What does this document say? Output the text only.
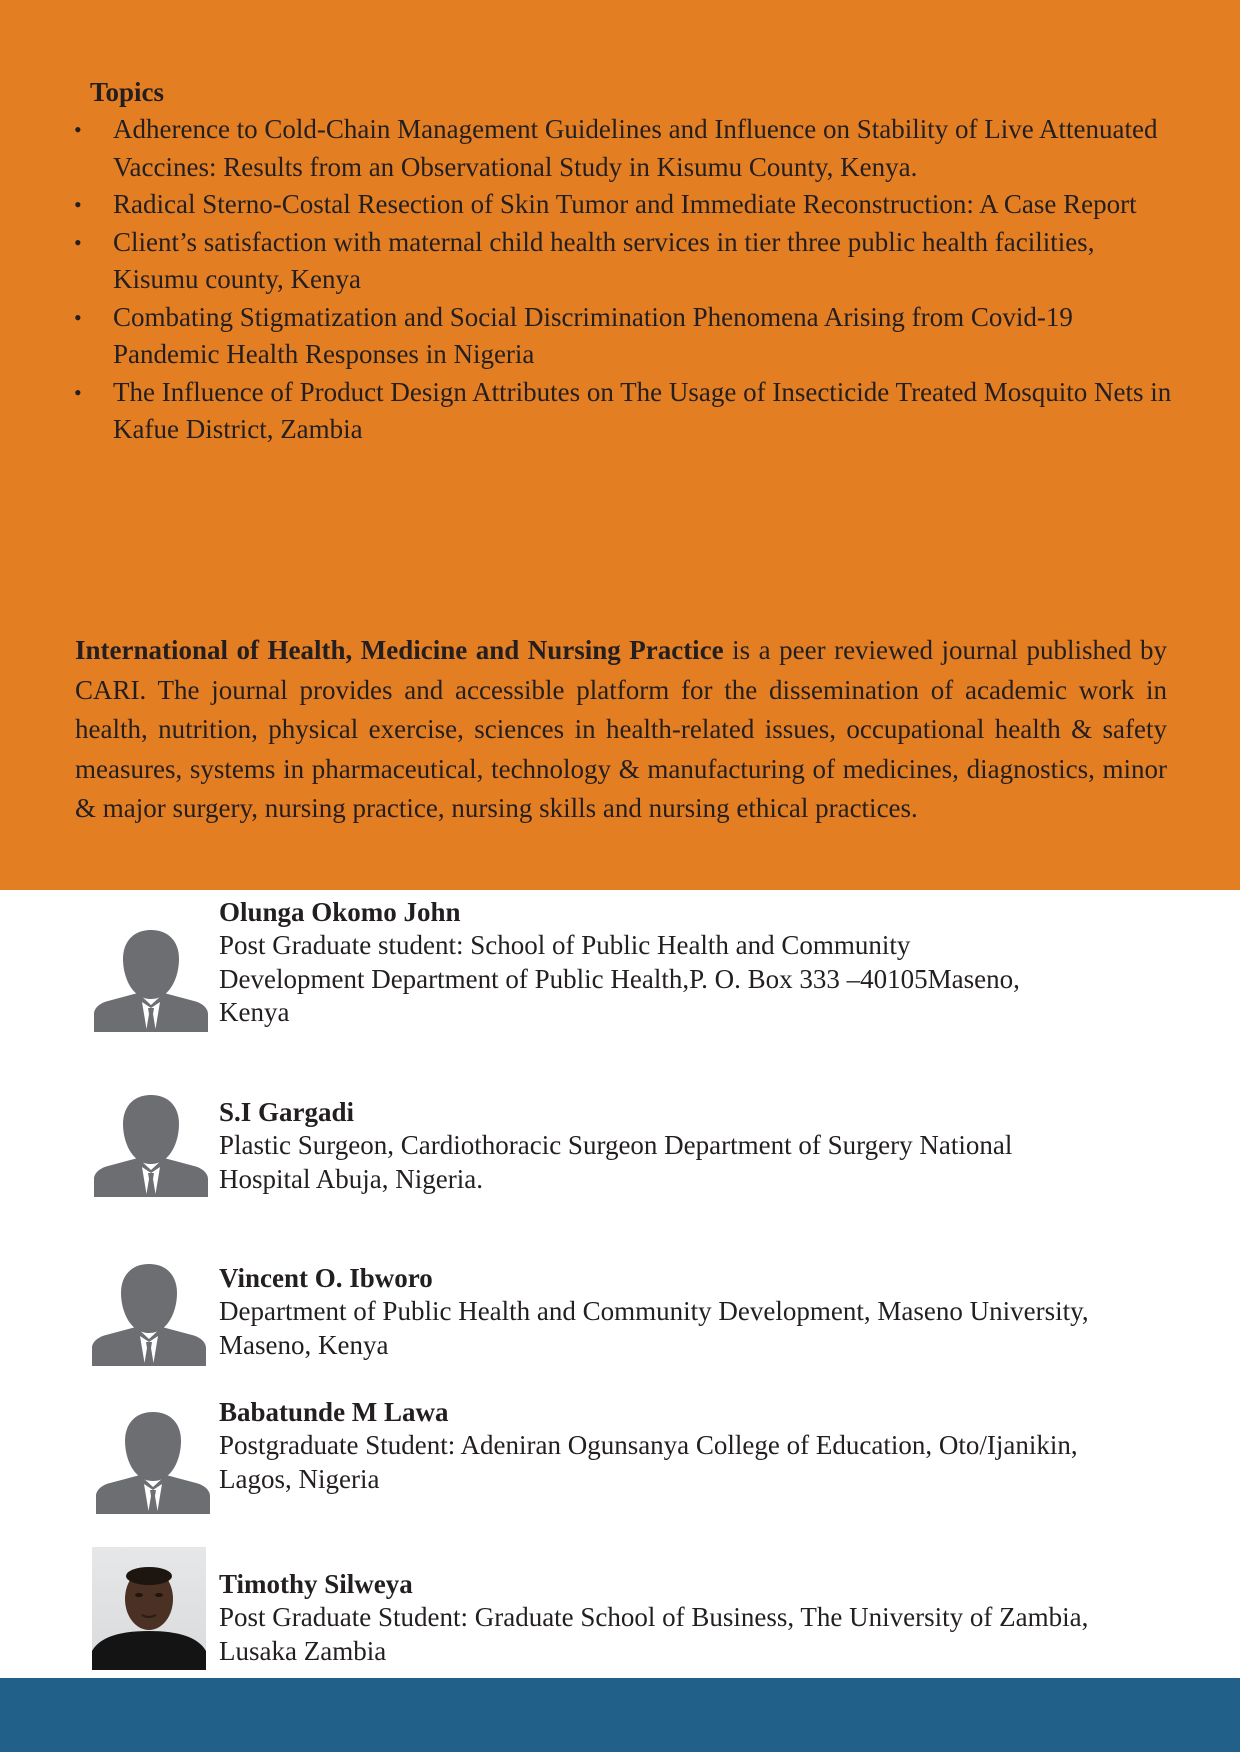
Topics
• Adherence to Cold-Chain Management Guidelines and Influence on Stability of Live Attenuated Vaccines: Results from an Observational Study in Kisumu County, Kenya.
• Radical Sterno-Costal Resection of Skin Tumor and Immediate Reconstruction: A Case Report
• Client’s satisfaction with maternal child health services in tier three public health facilities, Kisumu county, Kenya
• Combating Stigmatization and Social Discrimination Phenomena Arising from Covid-19 Pandemic Health Responses in Nigeria
• The Influence of Product Design Attributes on The Usage of Insecticide Treated Mosquito Nets in Kafue District, Zambia

International of Health, Medicine and Nursing Practice is a peer reviewed journal published by CARI. The journal provides and accessible platform for the dissemination of academic work in health, nutrition, physical exercise, sciences in health-related issues, occupational health & safety measures, systems in pharmaceutical, technology & manufacturing of medicines, diagnostics, minor & major surgery, nursing practice, nursing skills and nursing ethical practices.

Olunga Okomo John
Post Graduate student: School of Public Health and Community
Development Department of Public Health,P. O. Box 333 –40105Maseno,
Kenya
S.I Gargadi
Plastic Surgeon, Cardiothoracic Surgeon Department of Surgery National
Hospital Abuja, Nigeria.
Vincent O. Ibworo
Department of Public Health and Community Development, Maseno University,
Maseno, Kenya
Babatunde M Lawa
Postgraduate Student: Adeniran Ogunsanya College of Education, Oto/Ijanikin,
Lagos, Nigeria
Timothy Silweya
Post Graduate Student: Graduate School of Business, The University of Zambia,
Lusaka Zambia
